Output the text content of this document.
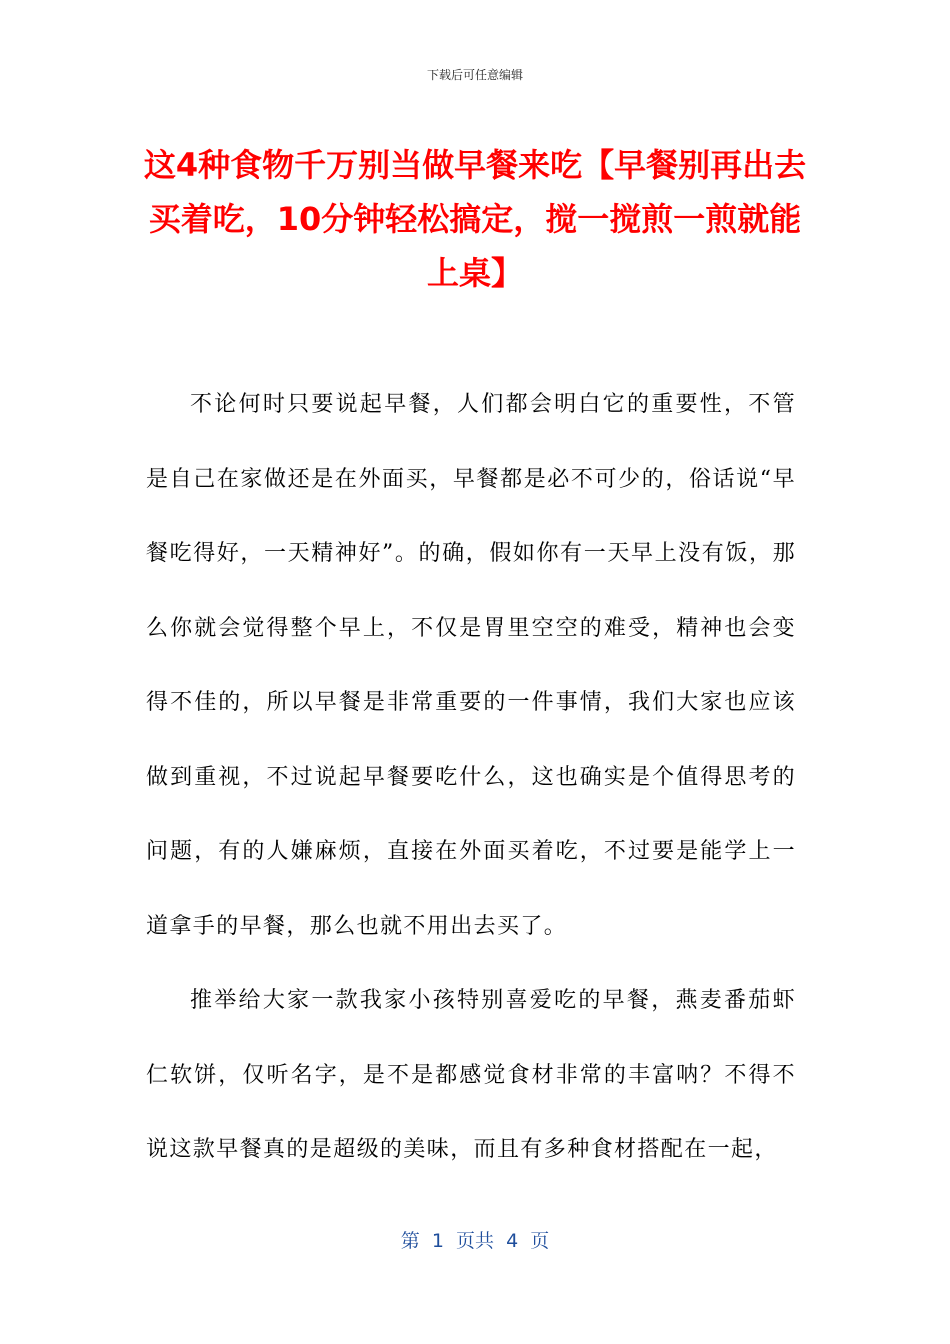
下载后可任意编辑
这4种食物千万别当做早餐来吃【早餐别再出去买着吃，10分钟轻松搞定，搅一搅煎一煎就能上桌】

不论何时只要说起早餐，人们都会明白它的重要性，不管是自己在家做还是在外面买，早餐都是必不可少的，俗话说“早餐吃得好，一天精神好”。的确，假如你有一天早上没有饭，那么你就会觉得整个早上，不仅是胃里空空的难受，精神也会变得不佳的，所以早餐是非常重要的一件事情，我们大家也应该做到重视，不过说起早餐要吃什么，这也确实是个值得思考的问题，有的人嫌麻烦，直接在外面买着吃，不过要是能学上一道拿手的早餐，那么也就不用出去买了。

推举给大家一款我家小孩特别喜爱吃的早餐，燕麦番茄虾仁软饼，仅听名字，是不是都感觉食材非常的丰富呐？不得不说这款早餐真的是超级的美味，而且有多种食材搭配在一起，

第  1  页共  4  页
